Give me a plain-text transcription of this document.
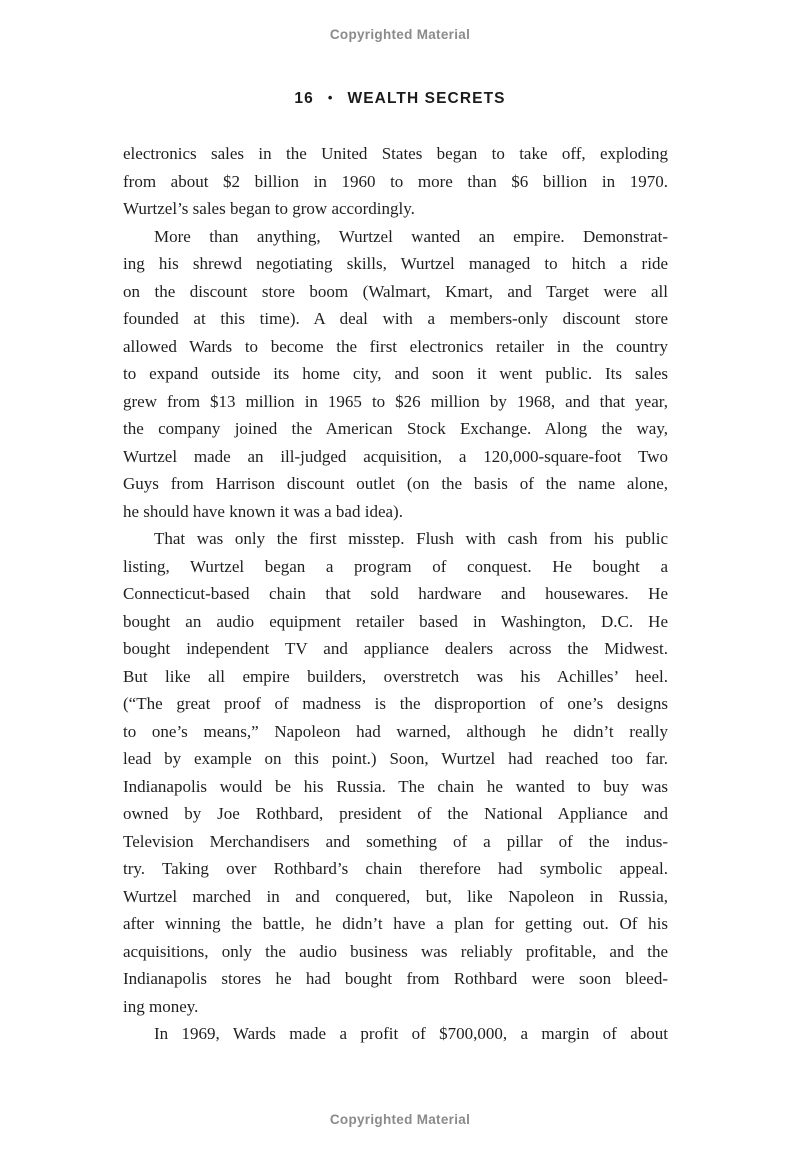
Copyrighted Material
16 • WEALTH SECRETS
electronics sales in the United States began to take off, exploding
from about $2 billion in 1960 to more than $6 billion in 1970.
Wurtzel’s sales began to grow accordingly.
More than anything, Wurtzel wanted an empire. Demonstrat-
ing his shrewd negotiating skills, Wurtzel managed to hitch a ride
on the discount store boom (Walmart, Kmart, and Target were all
founded at this time). A deal with a members-only discount store
allowed Wards to become the first electronics retailer in the country
to expand outside its home city, and soon it went public. Its sales
grew from $13 million in 1965 to $26 million by 1968, and that year,
the company joined the American Stock Exchange. Along the way,
Wurtzel made an ill-judged acquisition, a 120,000-square-foot Two
Guys from Harrison discount outlet (on the basis of the name alone,
he should have known it was a bad idea).
That was only the first misstep. Flush with cash from his public
listing, Wurtzel began a program of conquest. He bought a
Connecticut-based chain that sold hardware and housewares. He
bought an audio equipment retailer based in Washington, D.C. He
bought independent TV and appliance dealers across the Midwest.
But like all empire builders, overstretch was his Achilles’ heel.
(“The great proof of madness is the disproportion of one’s designs
to one’s means,” Napoleon had warned, although he didn’t really
lead by example on this point.) Soon, Wurtzel had reached too far.
Indianapolis would be his Russia. The chain he wanted to buy was
owned by Joe Rothbard, president of the National Appliance and
Television Merchandisers and something of a pillar of the indus-
try. Taking over Rothbard’s chain therefore had symbolic appeal.
Wurtzel marched in and conquered, but, like Napoleon in Russia,
after winning the battle, he didn’t have a plan for getting out. Of his
acquisitions, only the audio business was reliably profitable, and the
Indianapolis stores he had bought from Rothbard were soon bleed-
ing money.
In 1969, Wards made a profit of $700,000, a margin of about
Copyrighted Material
